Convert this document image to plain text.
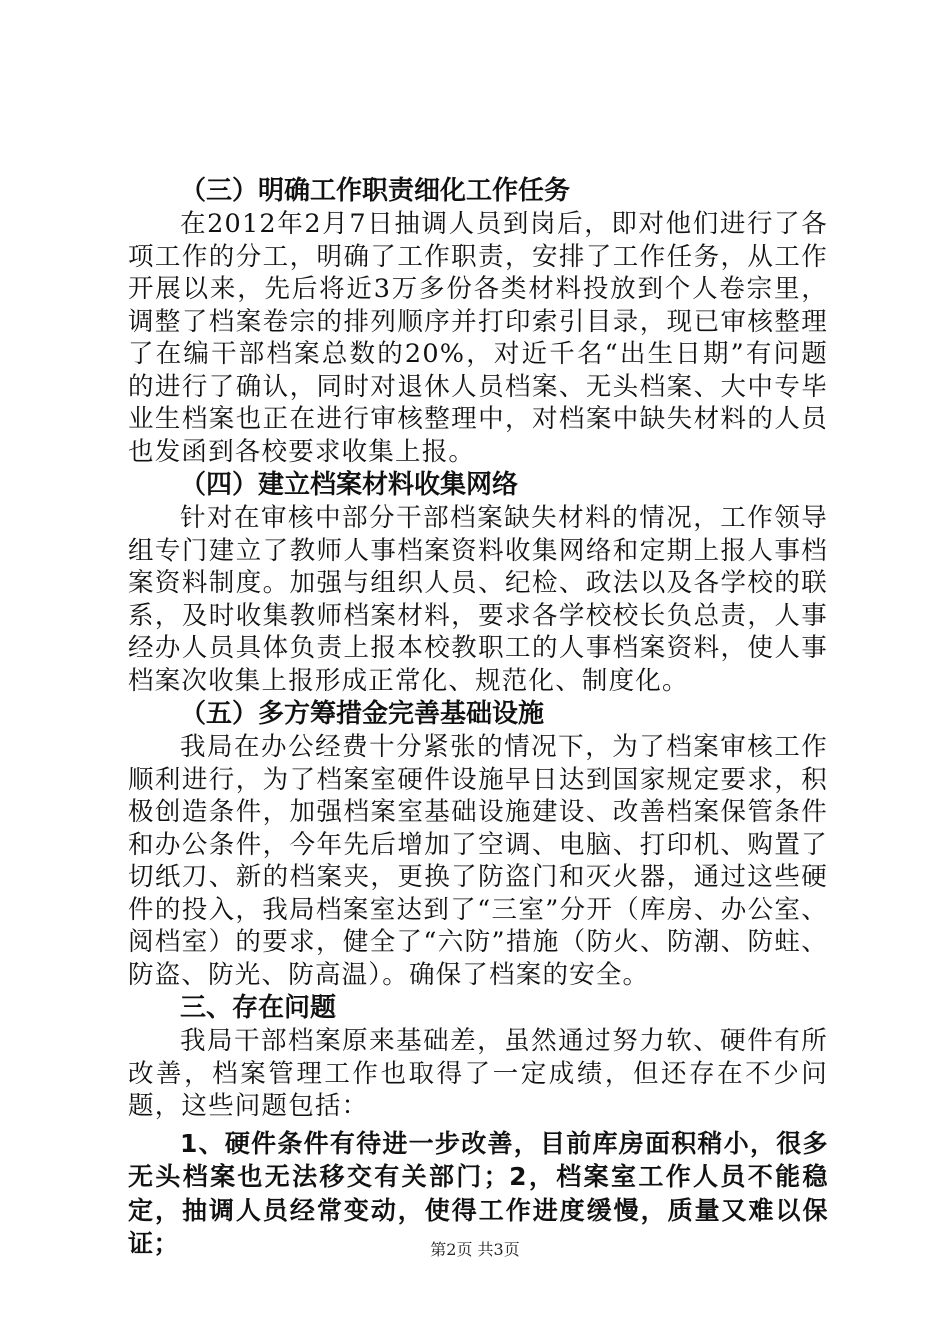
（三）明确工作职责细化工作任务

在2012年2月7日抽调人员到岗后，即对他们进行了各项工作的分工，明确了工作职责，安排了工作任务，从工作开展以来，先后将近3万多份各类材料投放到个人卷宗里，调整了档案卷宗的排列顺序并打印索引目录，现已审核整理了在编干部档案总数的20%，对近千名“出生日期”有问题的进行了确认，同时对退休人员档案、无头档案、大中专毕业生档案也正在进行审核整理中，对档案中缺失材料的人员也发函到各校要求收集上报。

（四）建立档案材料收集网络

针对在审核中部分干部档案缺失材料的情况，工作领导组专门建立了教师人事档案资料收集网络和定期上报人事档案资料制度。加强与组织人员、纪检、政法以及各学校的联系，及时收集教师档案材料，要求各学校校长负总责，人事经办人员具体负责上报本校教职工的人事档案资料，使人事档案次收集上报形成正常化、规范化、制度化。

（五）多方筹措金完善基础设施

我局在办公经费十分紧张的情况下，为了档案审核工作顺利进行，为了档案室硬件设施早日达到国家规定要求，积极创造条件，加强档案室基础设施建设、改善档案保管条件和办公条件，今年先后增加了空调、电脑、打印机、购置了切纸刀、新的档案夹，更换了防盗门和灭火器，通过这些硬件的投入，我局档案室达到了“三室”分开（库房、办公室、阅档室）的要求，健全了“六防”措施（防火、防潮、防蛀、防盗、防光、防高温）。确保了档案的安全。

三、存在问题

我局干部档案原来基础差，虽然通过努力软、硬件有所改善，档案管理工作也取得了一定成绩，但还存在不少问题，这些问题包括：

1、硬件条件有待进一步改善，目前库房面积稍小，很多无头档案也无法移交有关部门；2，档案室工作人员不能稳定，抽调人员经常变动，使得工作进度缓慢，质量又难以保证；	第2页 共3页
